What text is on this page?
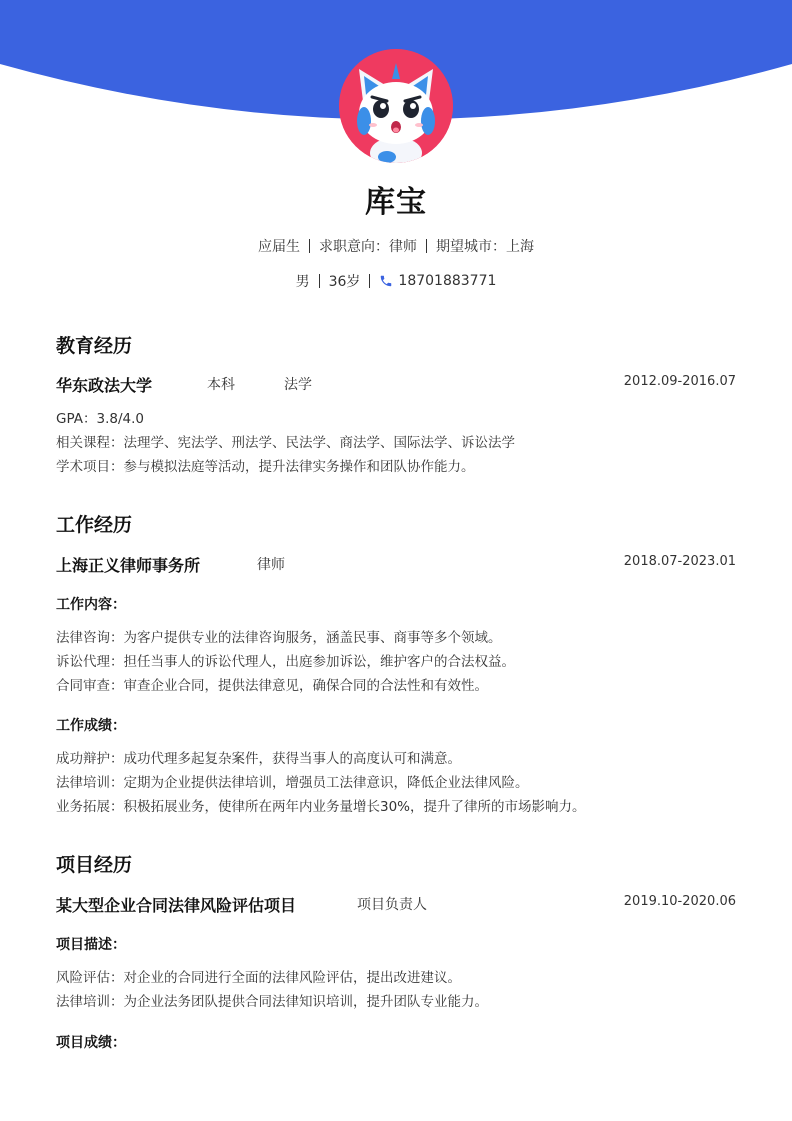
库宝
应届生 求职意向：律师 期望城市：上海
男 36岁	18701883771
教育经历
华东政法大学	本科	法学	2012.09-2016.07
GPA：3.8/4.0
相关课程：法理学、宪法学、刑法学、民法学、商法学、国际法学、诉讼法学
学术项目：参与模拟法庭等活动，提升法律实务操作和团队协作能力。
工作经历
上海正义律师事务所	律师	2018.07-2023.01
工作内容：
法律咨询：为客户提供专业的法律咨询服务，涵盖民事、商事等多个领域。
诉讼代理：担任当事人的诉讼代理人，出庭参加诉讼，维护客户的合法权益。
合同审查：审查企业合同，提供法律意见，确保合同的合法性和有效性。
工作成绩：
成功辩护：成功代理多起复杂案件，获得当事人的高度认可和满意。
法律培训：定期为企业提供法律培训，增强员工法律意识，降低企业法律风险。
业务拓展：积极拓展业务，使律所在两年内业务量增长30%，提升了律所的市场影响力。
项目经历
某大型企业合同法律风险评估项目	项目负责人	2019.10-2020.06
项目描述：
风险评估：对企业的合同进行全面的法律风险评估，提出改进建议。
法律培训：为企业法务团队提供合同法律知识培训，提升团队专业能力。
项目成绩：
